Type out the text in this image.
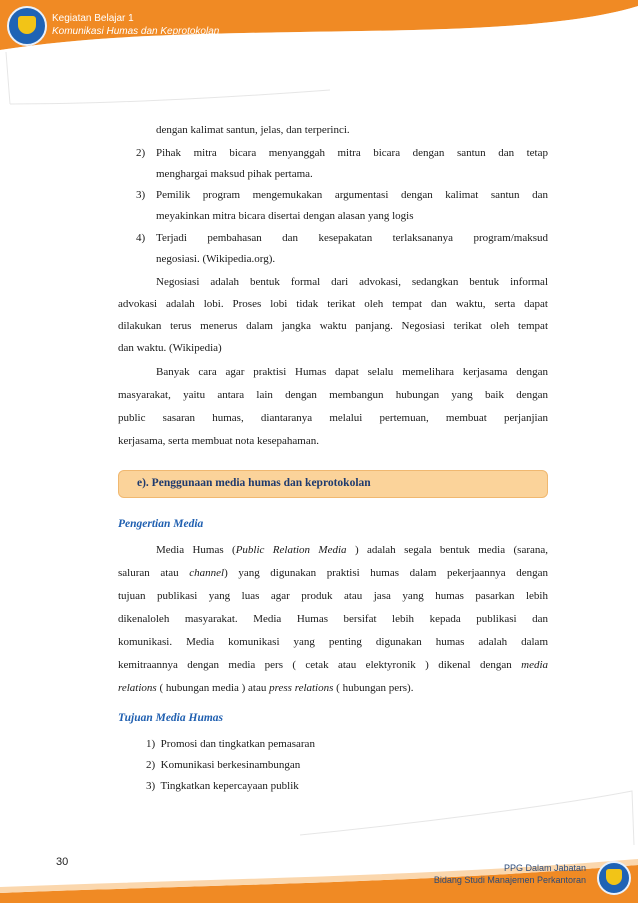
Kegiatan Belajar 1
Komunikasi Humas dan Keprotokolan
dengan kalimat santun, jelas, dan terperinci.
2) Pihak mitra bicara menyanggah mitra bicara dengan santun dan tetap
menghargai maksud pihak pertama.
3) Pemilik program mengemukakan argumentasi dengan kalimat santun dan
meyakinkan mitra bicara disertai dengan alasan yang logis
4) Terjadi pembahasan dan kesepakatan terlaksananya program/maksud
negosiasi. (Wikipedia.org).
Negosiasi adalah bentuk formal dari advokasi, sedangkan bentuk informal
advokasi adalah lobi. Proses lobi tidak terikat oleh tempat dan waktu, serta dapat
dilakukan terus menerus dalam jangka waktu panjang. Negosiasi terikat oleh tempat
dan waktu. (Wikipedia)
Banyak cara agar praktisi Humas dapat selalu memelihara kerjasama dengan
masyarakat, yaitu antara lain dengan membangun hubungan yang baik dengan
public sasaran humas, diantaranya melalui pertemuan, membuat perjanjian
kerjasama, serta membuat nota kesepahaman.
e). Penggunaan media humas dan keprotokolan
Pengertian Media
Media Humas (Public Relation Media ) adalah segala bentuk media (sarana,
saluran atau channel) yang digunakan praktisi humas dalam pekerjaannya dengan
tujuan publikasi yang luas agar produk atau jasa yang humas pasarkan lebih
dikenaloleh masyarakat. Media Humas bersifat lebih kepada publikasi dan
komunikasi. Media komunikasi yang penting digunakan humas adalah dalam
kemitraannya dengan media pers ( cetak atau elektyronik ) dikenal dengan media
relations ( hubungan media ) atau press relations ( hubungan pers).
Tujuan Media Humas
1) Promosi dan tingkatkan pemasaran
2) Komunikasi berkesinambungan
3) Tingkatkan kepercayaan publik
30	PPG Dalam Jabatan
Bidang Studi Manajemen Perkantoran
